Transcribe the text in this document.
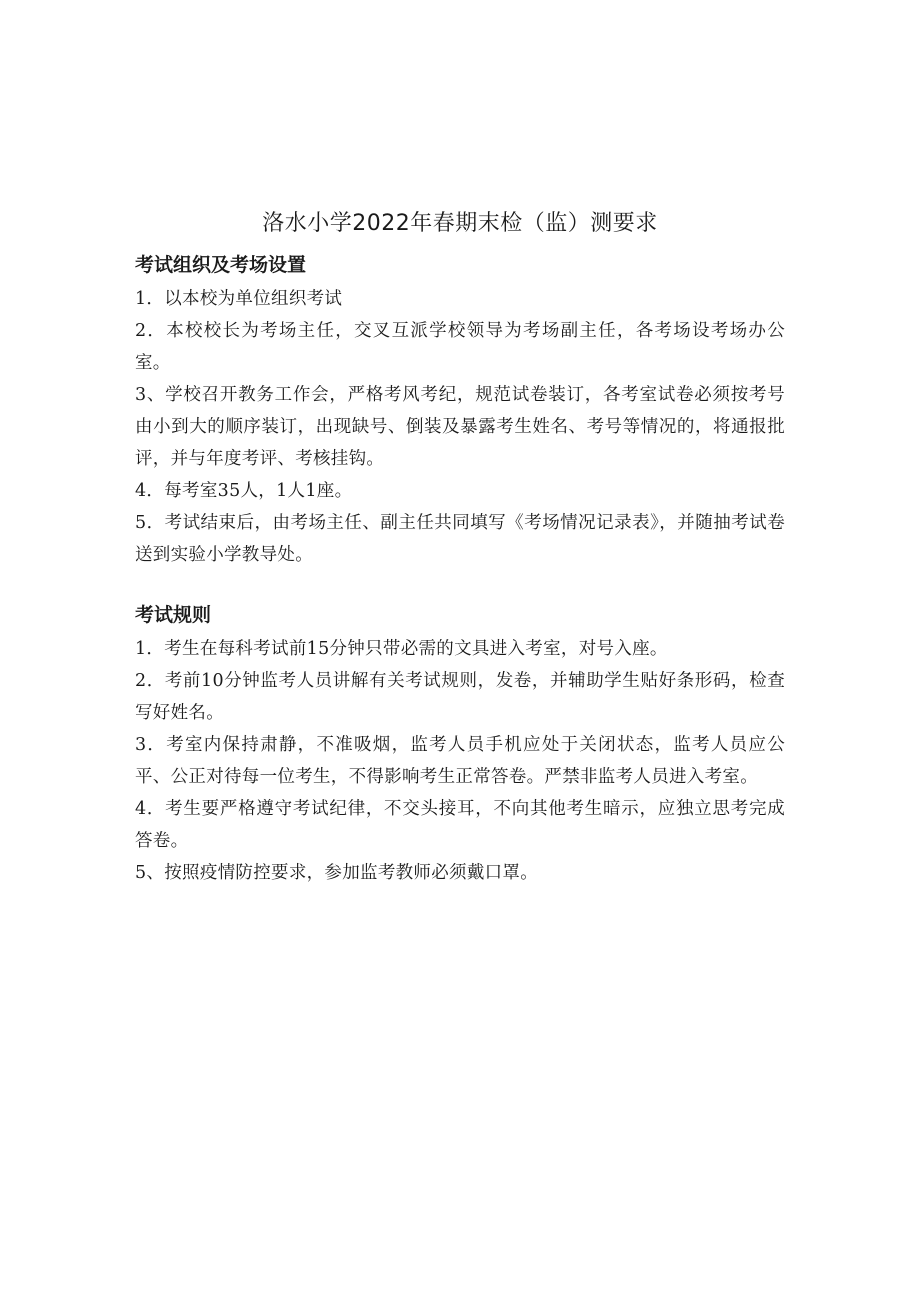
洛水小学2022年春期末检（监）测要求
考试组织及考场设置

1．以本校为单位组织考试

2．本校校长为考场主任，交叉互派学校领导为考场副主任，各考场设考场办公室。

3、学校召开教务工作会，严格考风考纪，规范试卷装订，各考室试卷必须按考号由小到大的顺序装订，出现缺号、倒装及暴露考生姓名、考号等情况的，将通报批评，并与年度考评、考核挂钩。

4．每考室35人，1人1座。

5．考试结束后，由考场主任、副主任共同填写《考场情况记录表》，并随抽考试卷送到实验小学教导处。

考试规则

1．考生在每科考试前15分钟只带必需的文具进入考室，对号入座。

2．考前10分钟监考人员讲解有关考试规则，发卷，并辅助学生贴好条形码，检查写好姓名。

3．考室内保持肃静，不准吸烟，监考人员手机应处于关闭状态，监考人员应公平、公正对待每一位考生，不得影响考生正常答卷。严禁非监考人员进入考室。

4．考生要严格遵守考试纪律，不交头接耳，不向其他考生暗示，应独立思考完成答卷。

5、按照疫情防控要求，参加监考教师必须戴口罩。
